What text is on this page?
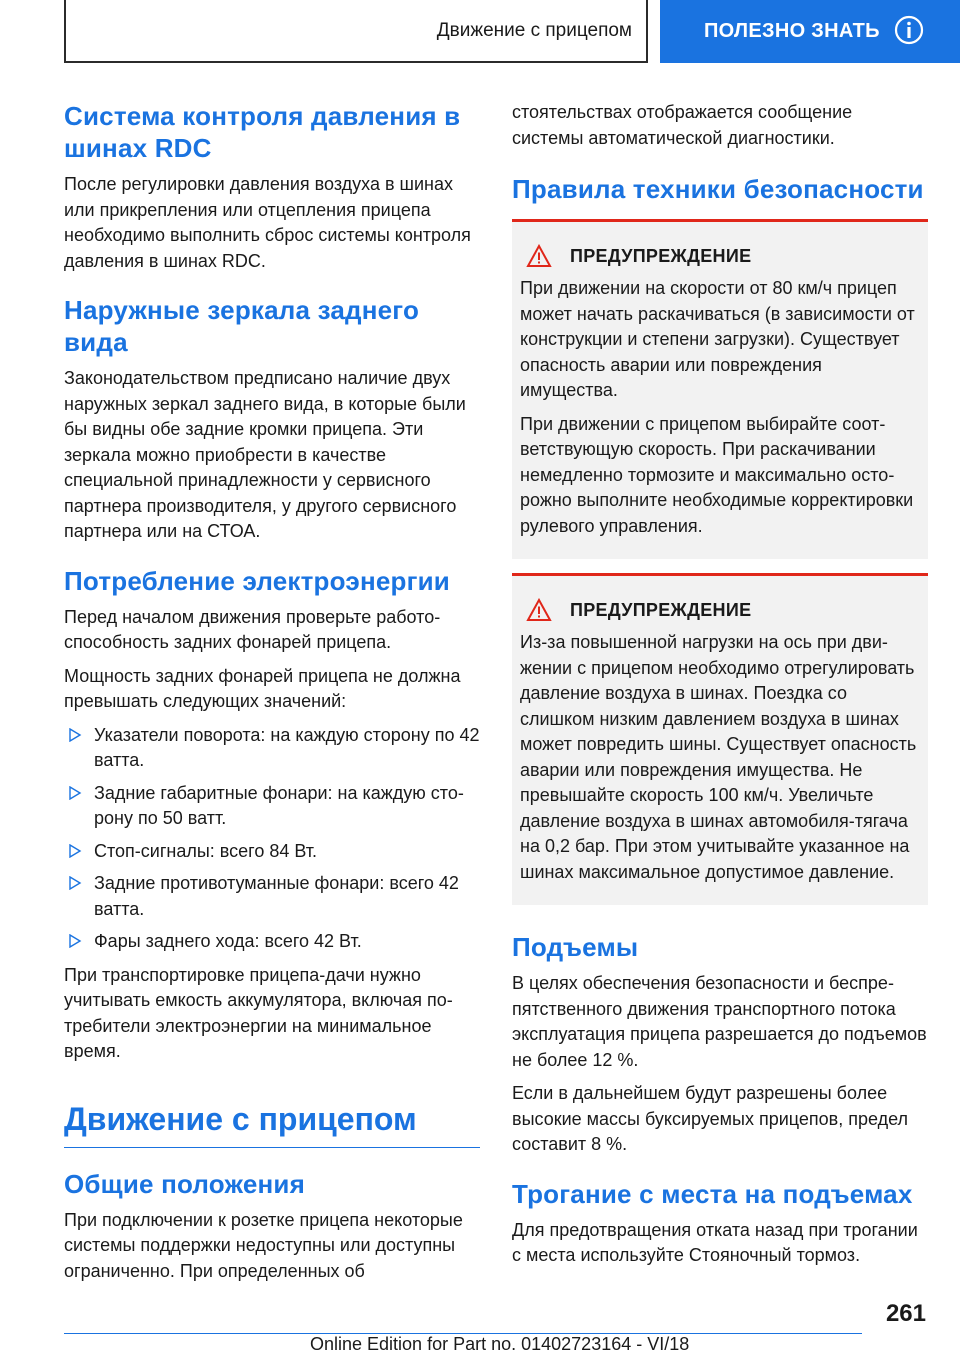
Движение с прицепом	ПОЛЕЗНО ЗНАТЬ
Система контроля давления в шинах RDC

После регулировки давления воздуха в шинах или прикрепления или отцепления прицепа необходимо выполнить сброс системы контроля давления в шинах RDC.

Наружные зеркала заднего вида

Законодательством предписано наличие двух наружных зеркал заднего вида, в которые были бы видны обе задние кромки прицепа. Эти зеркала можно приобрести в качестве специальной принадлежности у сервисного партнера производителя, у другого сервисного партнера или на СТОА.

Потребление электроэнергии

Перед началом движения проверьте работоспособность задних фонарей прицепа.

Мощность задних фонарей прицепа не должна превышать следующих значений:

Указатели поворота: на каждую сторону по 42 ватта.
Задние габаритные фонари: на каждую сторону по 50 ватт.
Стоп-сигналы: всего 84 Вт.
Задние противотуманные фонари: всего 42 ватта.
Фары заднего хода: всего 42 Вт.

При транспортировке прицепа-дачи нужно учитывать емкость аккумулятора, включая потребители электроэнергии на минимальное время.

Движение с прицепом
Общие положения

При подключении к розетке прицепа некоторые системы поддержки недоступны или доступны ограниченно. При определенных об

стоятельствах отображается сообщение системы автоматической диагностики.

Правила техники безопасности
ПРЕДУПРЕЖДЕНИЕ

При движении на скорости от 80 км/ч прицеп может начать раскачиваться (в зависимости от конструкции и степени загрузки). Существует опасность аварии или повреждения имущества.

При движении с прицепом выбирайте соответствующую скорость. При раскачивании немедленно тормозите и максимально осторожно выполните необходимые корректировки рулевого управления.

ПРЕДУПРЕЖДЕНИЕ

Из-за повышенной нагрузки на ось при движении с прицепом необходимо отрегулировать давление воздуха в шинах. Поездка со слишком низким давлением воздуха в шинах может повредить шины. Существует опасность аварии или повреждения имущества. Не превышайте скорость 100 км/ч. Увеличьте давление воздуха в шинах автомобиля-тягача на 0,2 бар. При этом учитывайте указанное на шинах максимальное допустимое давление.

Подъемы

В целях обеспечения безопасности и беспрепятственного движения транспортного потока эксплуатация прицепа разрешается до подъемов не более 12 %.

Если в дальнейшем будут разрешены более высокие массы буксируемых прицепов, предел составит 8 %.

Трогание с места на подъемах

Для предотвращения отката назад при трогании с места используйте Стояночный тормоз.

261
Online Edition for Part no. 01402723164 - VI/18
